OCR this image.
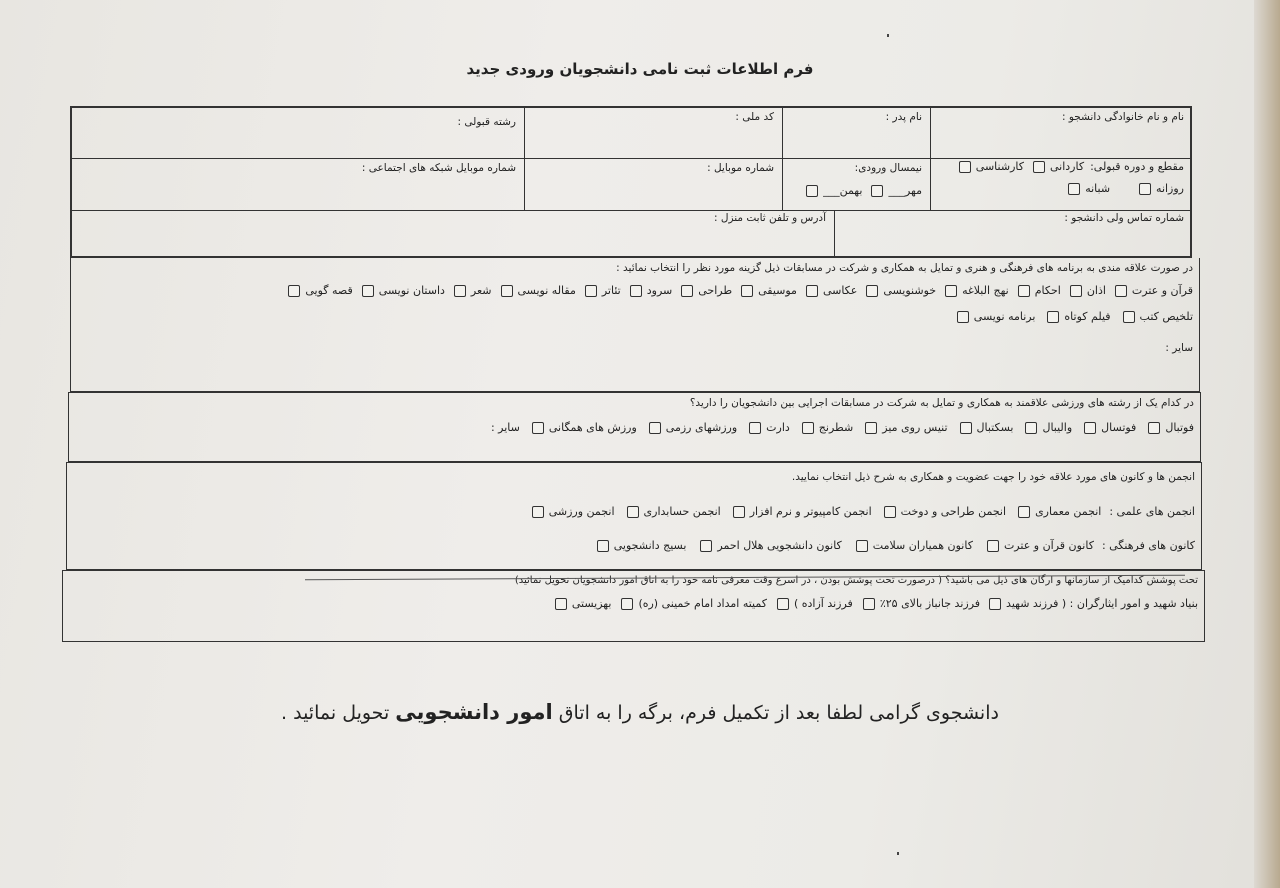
فرم اطلاعات ثبت نامی دانشجویان ورودی جدید
نام و نام خانوادگی دانشجو :
نام پدر :
کد ملی :
رشته قبولی :
مقطع و دوره قبولی:
کاردانی
کارشناسی
روزانه
شبانه
نیمسال ورودی:
مهر___
بهمن___
شماره موبایل :
شماره موبایل شبکه های اجتماعی :
شماره تماس ولی دانشجو :
آدرس و تلفن ثابت منزل :
در صورت علاقه مندی به برنامه های فرهنگی و هنری و تمایل به همکاری و شرکت در مسابقات ذیل گزینه مورد نظر را انتخاب نمائید :
قرآن و عترت
اذان
احکام
نهج البلاغه
خوشنویسی
عکاسی
موسیقی
طراحی
سرود
تئاتر
مقاله نویسی
شعر
داستان نویسی
قصه گویی
تلخیص کتب
فیلم کوتاه
برنامه نویسی
سایر :
در کدام یک از رشته های ورزشی علاقمند به همکاری و تمایل به شرکت در مسابقات اجرایی بین دانشجویان را دارید؟
فوتبال
فوتسال
والیبال
بسکتبال
تنیس روی میز
شطرنج
دارت
ورزشهای رزمی
ورزش های همگانی
سایر :
انجمن ها و کانون های مورد علاقه خود را جهت عضویت و همکاری به شرح ذیل انتخاب نمایید.
انجمن های علمی :
انجمن معماری
انجمن طراحی و دوخت
انجمن کامپیوتر و نرم افزار
انجمن حسابداری
انجمن ورزشی
کانون های فرهنگی :
کانون قرآن و عترت
کانون همیاران سلامت
کانون دانشجویی هلال احمر
بسیج دانشجویی
تحت پوشش کدامیک از سازمانها و ارگان های ذیل می باشید؟ ( درصورت تحت پوشش بودن ، در اسرع وقت معرفی نامه خود را به اتاق امور دانشجویان تحویل نمائید)
بنیاد شهید و امور ایثارگران : ( فرزند شهید
فرزند جانباز بالای ۲۵٪
فرزند آزاده )
کمیته امداد امام خمینی (ره)
بهزیستی
دانشجوی گرامی لطفا بعد از تکمیل فرم، برگه را به اتاق امور دانشجویی تحویل نمائید .
